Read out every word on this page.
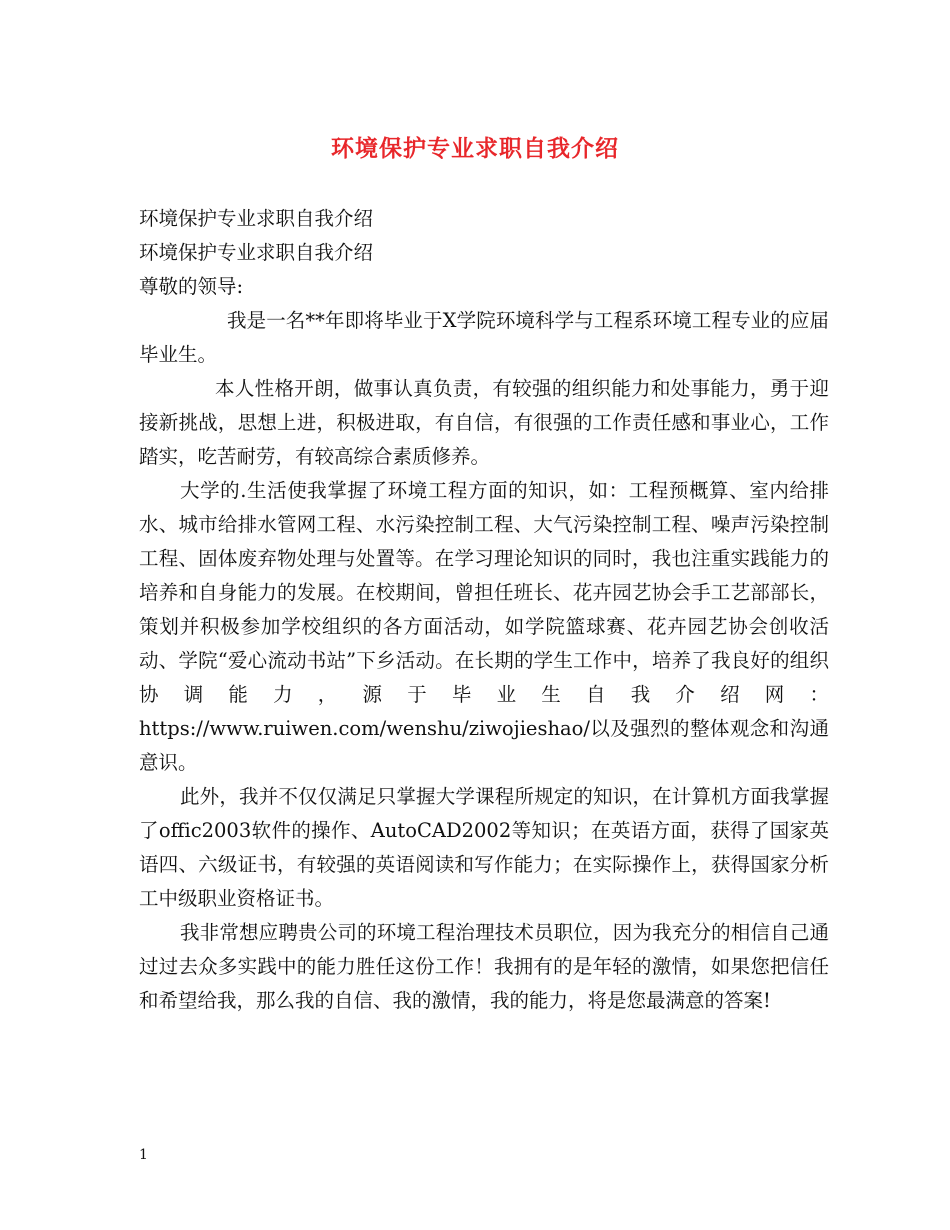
环境保护专业求职自我介绍

环境保护专业求职自我介绍

环境保护专业求职自我介绍

尊敬的领导:

我是一名**年即将毕业于X学院环境科学与工程系环境工程专业的应届毕业生。

本人性格开朗，做事认真负责，有较强的组织能力和处事能力，勇于迎接新挑战，思想上进，积极进取，有自信，有很强的工作责任感和事业心，工作踏实，吃苦耐劳，有较高综合素质修养。

大学的.生活使我掌握了环境工程方面的知识，如：工程预概算、室内给排水、城市给排水管网工程、水污染控制工程、大气污染控制工程、噪声污染控制工程、固体废弃物处理与处置等。在学习理论知识的同时，我也注重实践能力的培养和自身能力的发展。在校期间，曾担任班长、花卉园艺协会手工艺部部长，策划并积极参加学校组织的各方面活动，如学院篮球赛、花卉园艺协会创收活动、学院“爱心流动书站”下乡活动。在长期的学生工作中，培养了我良好的组织协调能力，源于毕业生自我介绍网：https://www.ruiwen.com/wenshu/ziwojieshao/以及强烈的整体观念和沟通意识。

此外，我并不仅仅满足只掌握大学课程所规定的知识，在计算机方面我掌握了offic2003软件的操作、AutoCAD2002等知识；在英语方面，获得了国家英语四、六级证书，有较强的英语阅读和写作能力；在实际操作上，获得国家分析工中级职业资格证书。

我非常想应聘贵公司的环境工程治理技术员职位，因为我充分的相信自己通过过去众多实践中的能力胜任这份工作！我拥有的是年轻的激情，如果您把信任和希望给我，那么我的自信、我的激情，我的能力，将是您最满意的答案!

1
